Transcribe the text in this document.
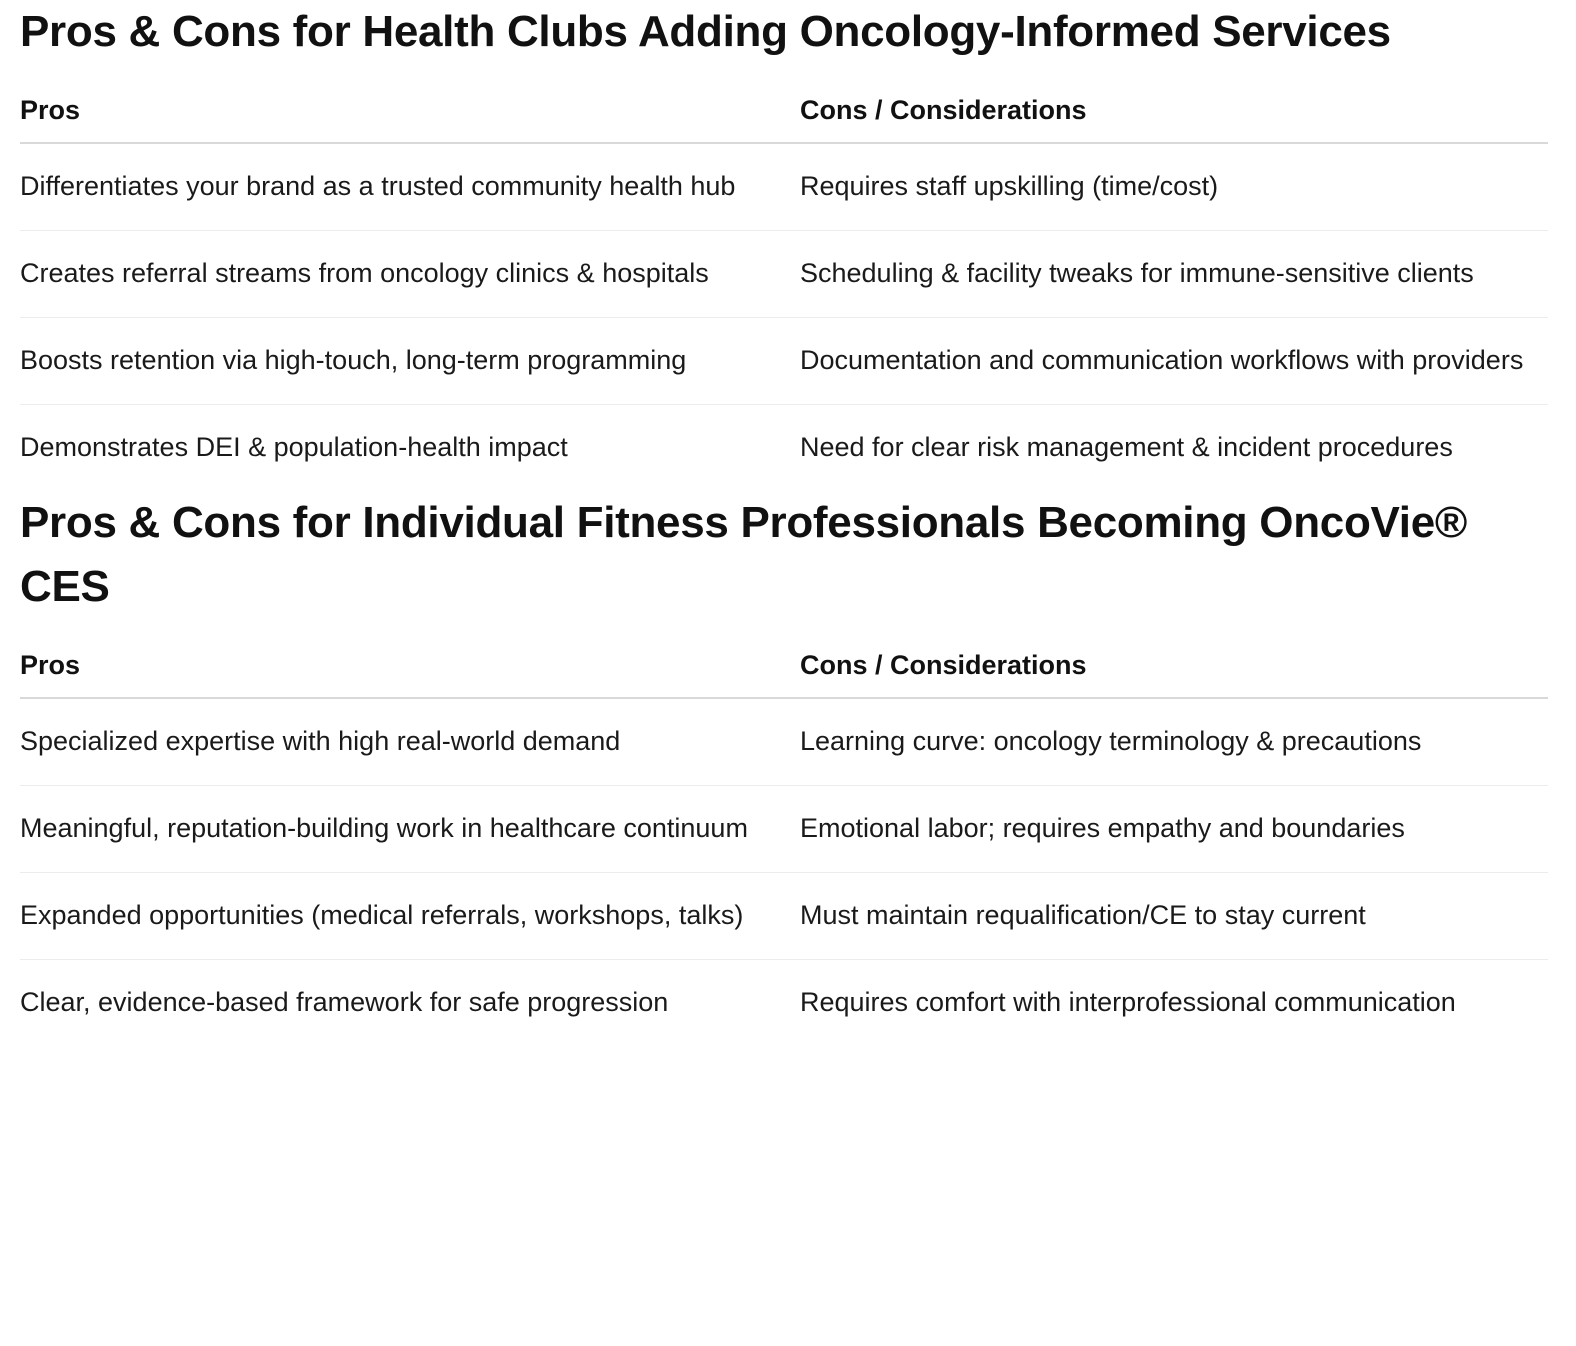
Pros & Cons for Health Clubs Adding Oncology-Informed Services
Pros	Cons / Considerations
Differentiates your brand as a trusted community health hub	Requires staff upskilling (time/cost)
Creates referral streams from oncology clinics & hospitals	Scheduling & facility tweaks for immune-sensitive clients
Boosts retention via high-touch, long-term programming	Documentation and communication workflows with providers
Demonstrates DEI & population-health impact	Need for clear risk management & incident procedures
Pros & Cons for Individual Fitness Professionals Becoming OncoVie® CES
Pros	Cons / Considerations
Specialized expertise with high real-world demand	Learning curve: oncology terminology & precautions
Meaningful, reputation-building work in healthcare continuum	Emotional labor; requires empathy and boundaries
Expanded opportunities (medical referrals, workshops, talks)	Must maintain requalification/CE to stay current
Clear, evidence-based framework for safe progression	Requires comfort with interprofessional communication
